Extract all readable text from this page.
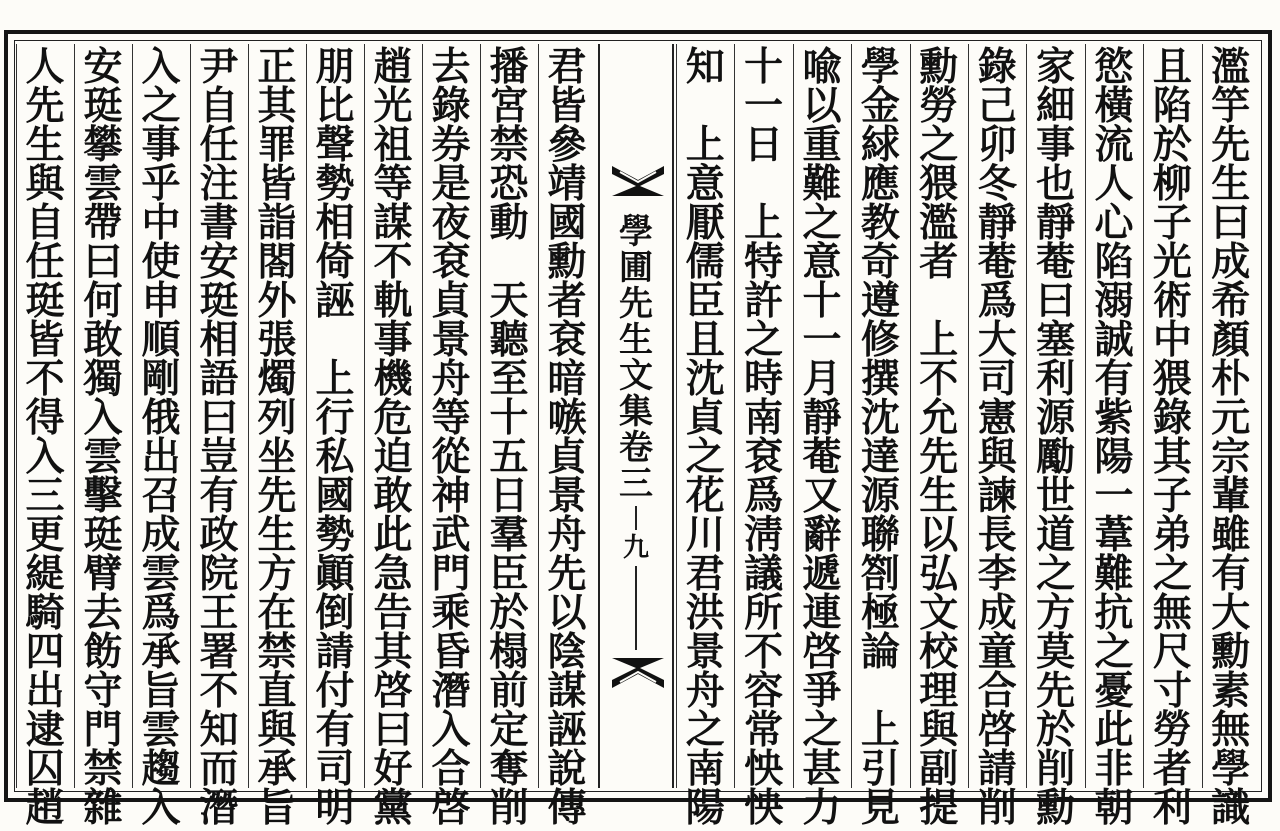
濫
竽
先
生
曰
成
希
顏
朴
元
宗
輩
雖
有
大
勳
素
無
學
識
且
陷
於
柳
子
光
術
中
猥
錄
其
子
弟
之
無
尺
寸
勞
者
利
慾
橫
流
人
心
陷
溺
誠
有
紫
陽
一
葦
難
抗
之
憂
此
非
朝
家
細
事
也
靜
菴
曰
塞
利
源
勵
世
道
之
方
莫
先
於
削
勳
錄
己
卯
冬
靜
菴
爲
大
司
憲
與
諫
長
李
成
童
合
啓
請
削
勳
勞
之
猥
濫
者
上
不
允
先
生
以
弘
文
校
理
與
副
提
學
金
絿
應
教
奇
遵
修
撰
沈
達
源
聯
劄
極
論
上
引
見
喩
以
重
難
之
意
十
一
月
靜
菴
又
辭
遞
連
啓
爭
之
甚
力
十
一
日
上
特
許
之
時
南
袞
爲
淸
議
所
不
容
常
怏
怏
知
上
意
厭
儒
臣
且
沈
貞
之
花
川
君
洪
景
舟
之
南
陽
君
皆
參
靖
國
勳
者
袞
暗
嗾
貞
景
舟
先
以
陰
謀
誣
說
傳
播
宮
禁
恐
動
天
聽
至
十
五
日
羣
臣
於
榻
前
定
奪
削
去
錄
券
是
夜
袞
貞
景
舟
等
從
神
武
門
乘
昏
潛
入
合
啓
趙
光
祖
等
謀
不
軌
事
機
危
迫
敢
此
急
告
其
啓
曰
好
黨
朋
比
聲
勢
相
倚
誣
上
行
私
國
勢
顚
倒
請
付
有
司
明
正
其
罪
皆
詣
閤
外
張
燭
列
坐
先
生
方
在
禁
直
與
承
旨
尹
自
任
注
書
安
珽
相
語
曰
豈
有
政
院
王
署
不
知
而
潛
入
之
事
乎
中
使
申
順
剛
俄
出
召
成
雲
爲
承
旨
雲
趨
入
安
珽
攀
雲
帶
曰
何
敢
獨
入
雲
擊
珽
臂
去
飭
守
門
禁
雜
人
先
生
與
自
任
珽
皆
不
得
入
三
更
緹
騎
四
出
逮
囚
趙
學
圃
先
生
文
集
卷
三
九
